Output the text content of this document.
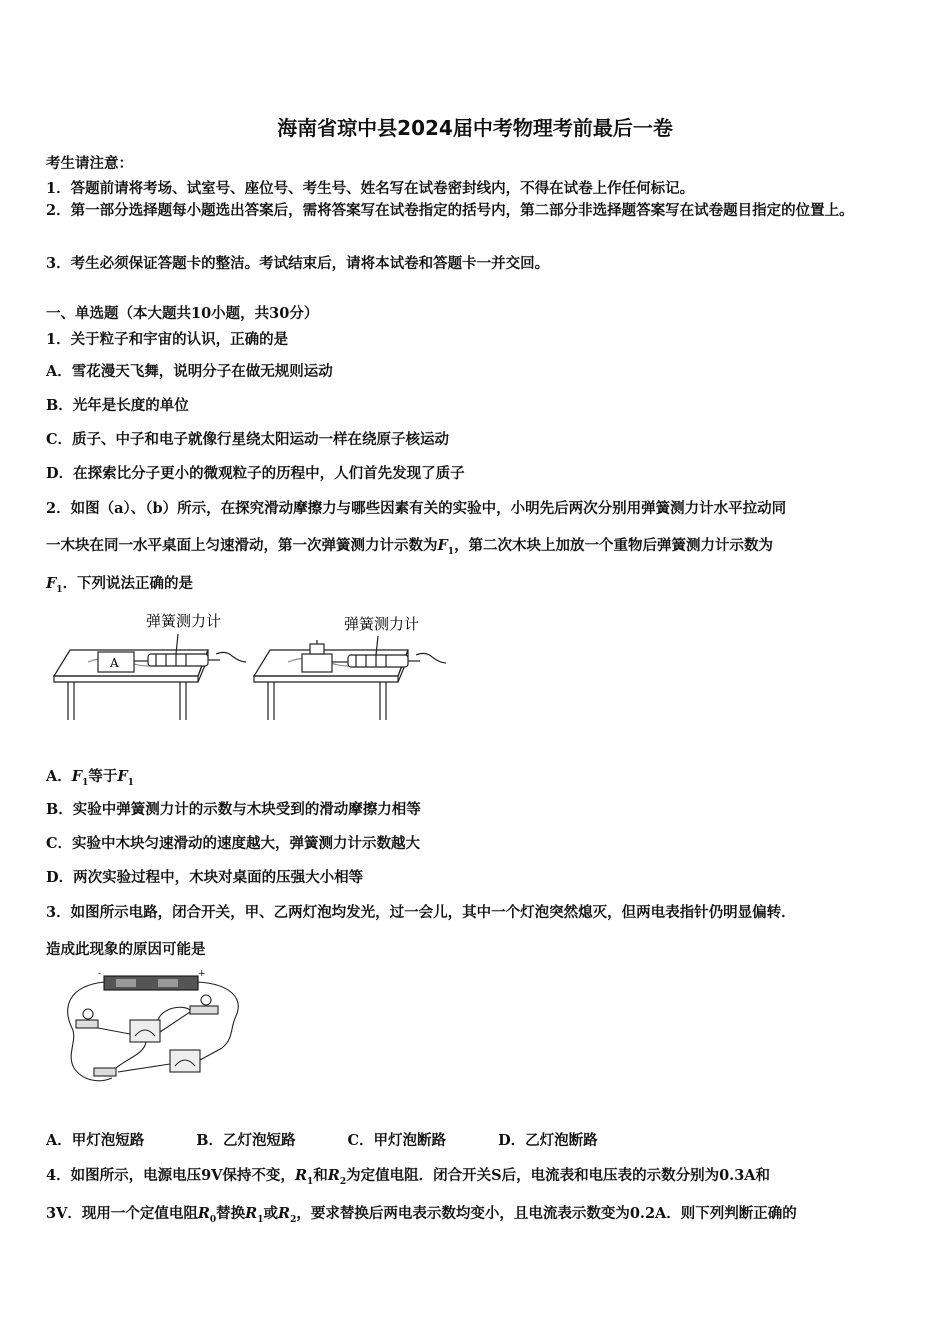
海南省琼中县2024届中考物理考前最后一卷
考生请注意：
1．答题前请将考场、试室号、座位号、考生号、姓名写在试卷密封线内，不得在试卷上作任何标记。
2．第一部分选择题每小题选出答案后，需将答案写在试卷指定的括号内，第二部分非选择题答案写在试卷题目指定的位置上。
3．考生必须保证答题卡的整洁。考试结束后，请将本试卷和答题卡一并交回。
一、单选题（本大题共10小题，共30分）
1．关于粒子和宇宙的认识，正确的是
A．雪花漫天飞舞，说明分子在做无规则运动
B．光年是长度的单位
C．质子、中子和电子就像行星绕太阳运动一样在绕原子核运动
D．在探索比分子更小的微观粒子的历程中，人们首先发现了质子
2．如图（a）、（b）所示，在探究滑动摩擦力与哪些因素有关的实验中，小明先后两次分别用弹簧测力计水平拉动同
一木块在同一水平桌面上匀速滑动，第一次弹簧测力计示数为$F_1$，第二次木块上加放一个重物后弹簧测力计示数为
$F_1$．下列说法正确的是
A
弹簧测力计	弹簧测力计
A．$F_1$等于$F_1$
B．实验中弹簧测力计的示数与木块受到的滑动摩擦力相等
C．实验中木块匀速滑动的速度越大，弹簧测力计示数越大
D．两次实验过程中，木块对桌面的压强大小相等
3．如图所示电路，闭合开关，甲、乙两灯泡均发光，过一会儿，其中一个灯泡突然熄灭，但两电表指针仍明显偏转．
造成此现象的原因可能是
-	+
A．甲灯泡短路	B．乙灯泡短路	C．甲灯泡断路	D．乙灯泡断路
4．如图所示，电源电压9V保持不变，$R_1$和$R_2$为定值电阻．闭合开关S后，电流表和电压表的示数分别为0.3A和
3V．现用一个定值电阻$R_0$替换$R_1$或$R_2$，要求替换后两电表示数均变小，且电流表示数变为0.2A．则下列判断正确的
